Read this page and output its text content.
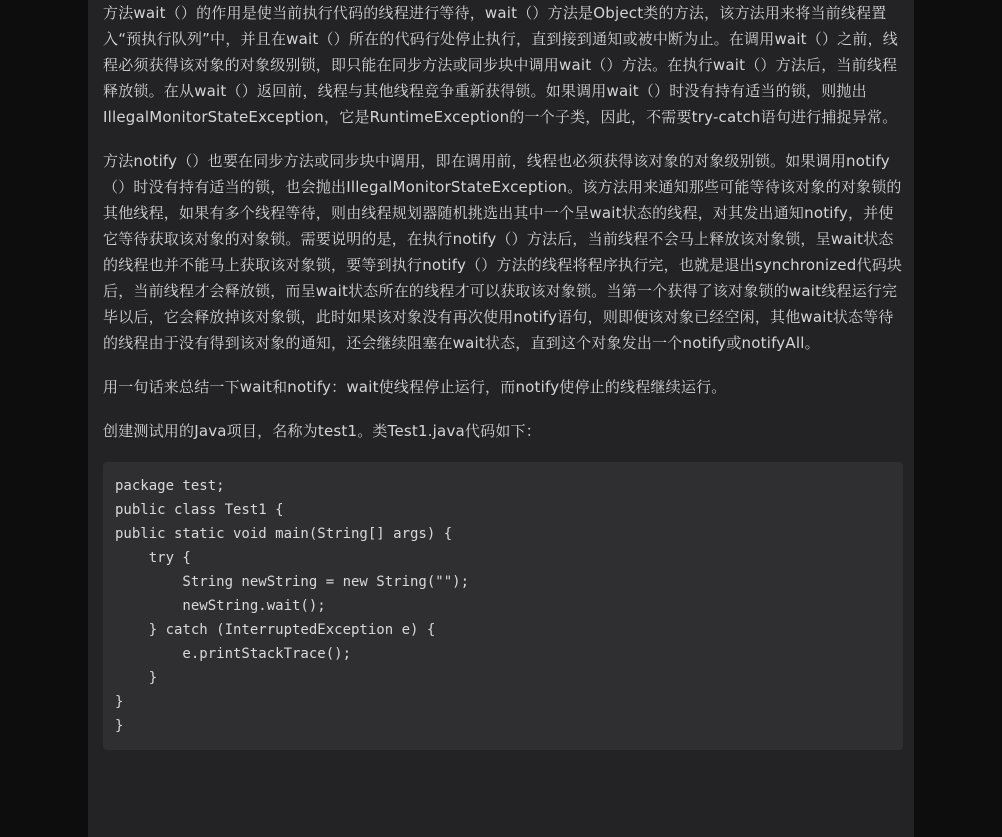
方法wait（）的作用是使当前执行代码的线程进行等待，wait（）方法是Object类的方法，该方法用来将当前线程置入“预执行队列”中，并且在wait（）所在的代码行处停止执行，直到接到通知或被中断为止。在调用wait（）之前，线程必须获得该对象的对象级别锁，即只能在同步方法或同步块中调用wait（）方法。在执行wait（）方法后，当前线程释放锁。在从wait（）返回前，线程与其他线程竞争重新获得锁。如果调用wait（）时没有持有适当的锁，则抛出IllegalMonitorStateException，它是RuntimeException的一个子类，因此，不需要try-catch语句进行捕捉异常。

方法notify（）也要在同步方法或同步块中调用，即在调用前，线程也必须获得该对象的对象级别锁。如果调用notify（）时没有持有适当的锁，也会抛出IllegalMonitorStateException。该方法用来通知那些可能等待该对象的对象锁的其他线程，如果有多个线程等待，则由线程规划器随机挑选出其中一个呈wait状态的线程，对其发出通知notify，并使它等待获取该对象的对象锁。需要说明的是，在执行notify（）方法后，当前线程不会马上释放该对象锁，呈wait状态的线程也并不能马上获取该对象锁，要等到执行notify（）方法的线程将程序执行完，也就是退出synchronized代码块后，当前线程才会释放锁，而呈wait状态所在的线程才可以获取该对象锁。当第一个获得了该对象锁的wait线程运行完毕以后，它会释放掉该对象锁，此时如果该对象没有再次使用notify语句，则即便该对象已经空闲，其他wait状态等待的线程由于没有得到该对象的通知，还会继续阻塞在wait状态，直到这个对象发出一个notify或notifyAll。

用一句话来总结一下wait和notify：wait使线程停止运行，而notify使停止的线程继续运行。

创建测试用的Java项目，名称为test1。类Test1.java代码如下：

package test;
public class Test1 {
public static void main(String[] args) {
try {
String newString = new String("");
newString.wait();
} catch (InterruptedException e) {
e.printStackTrace();
}
}
}
